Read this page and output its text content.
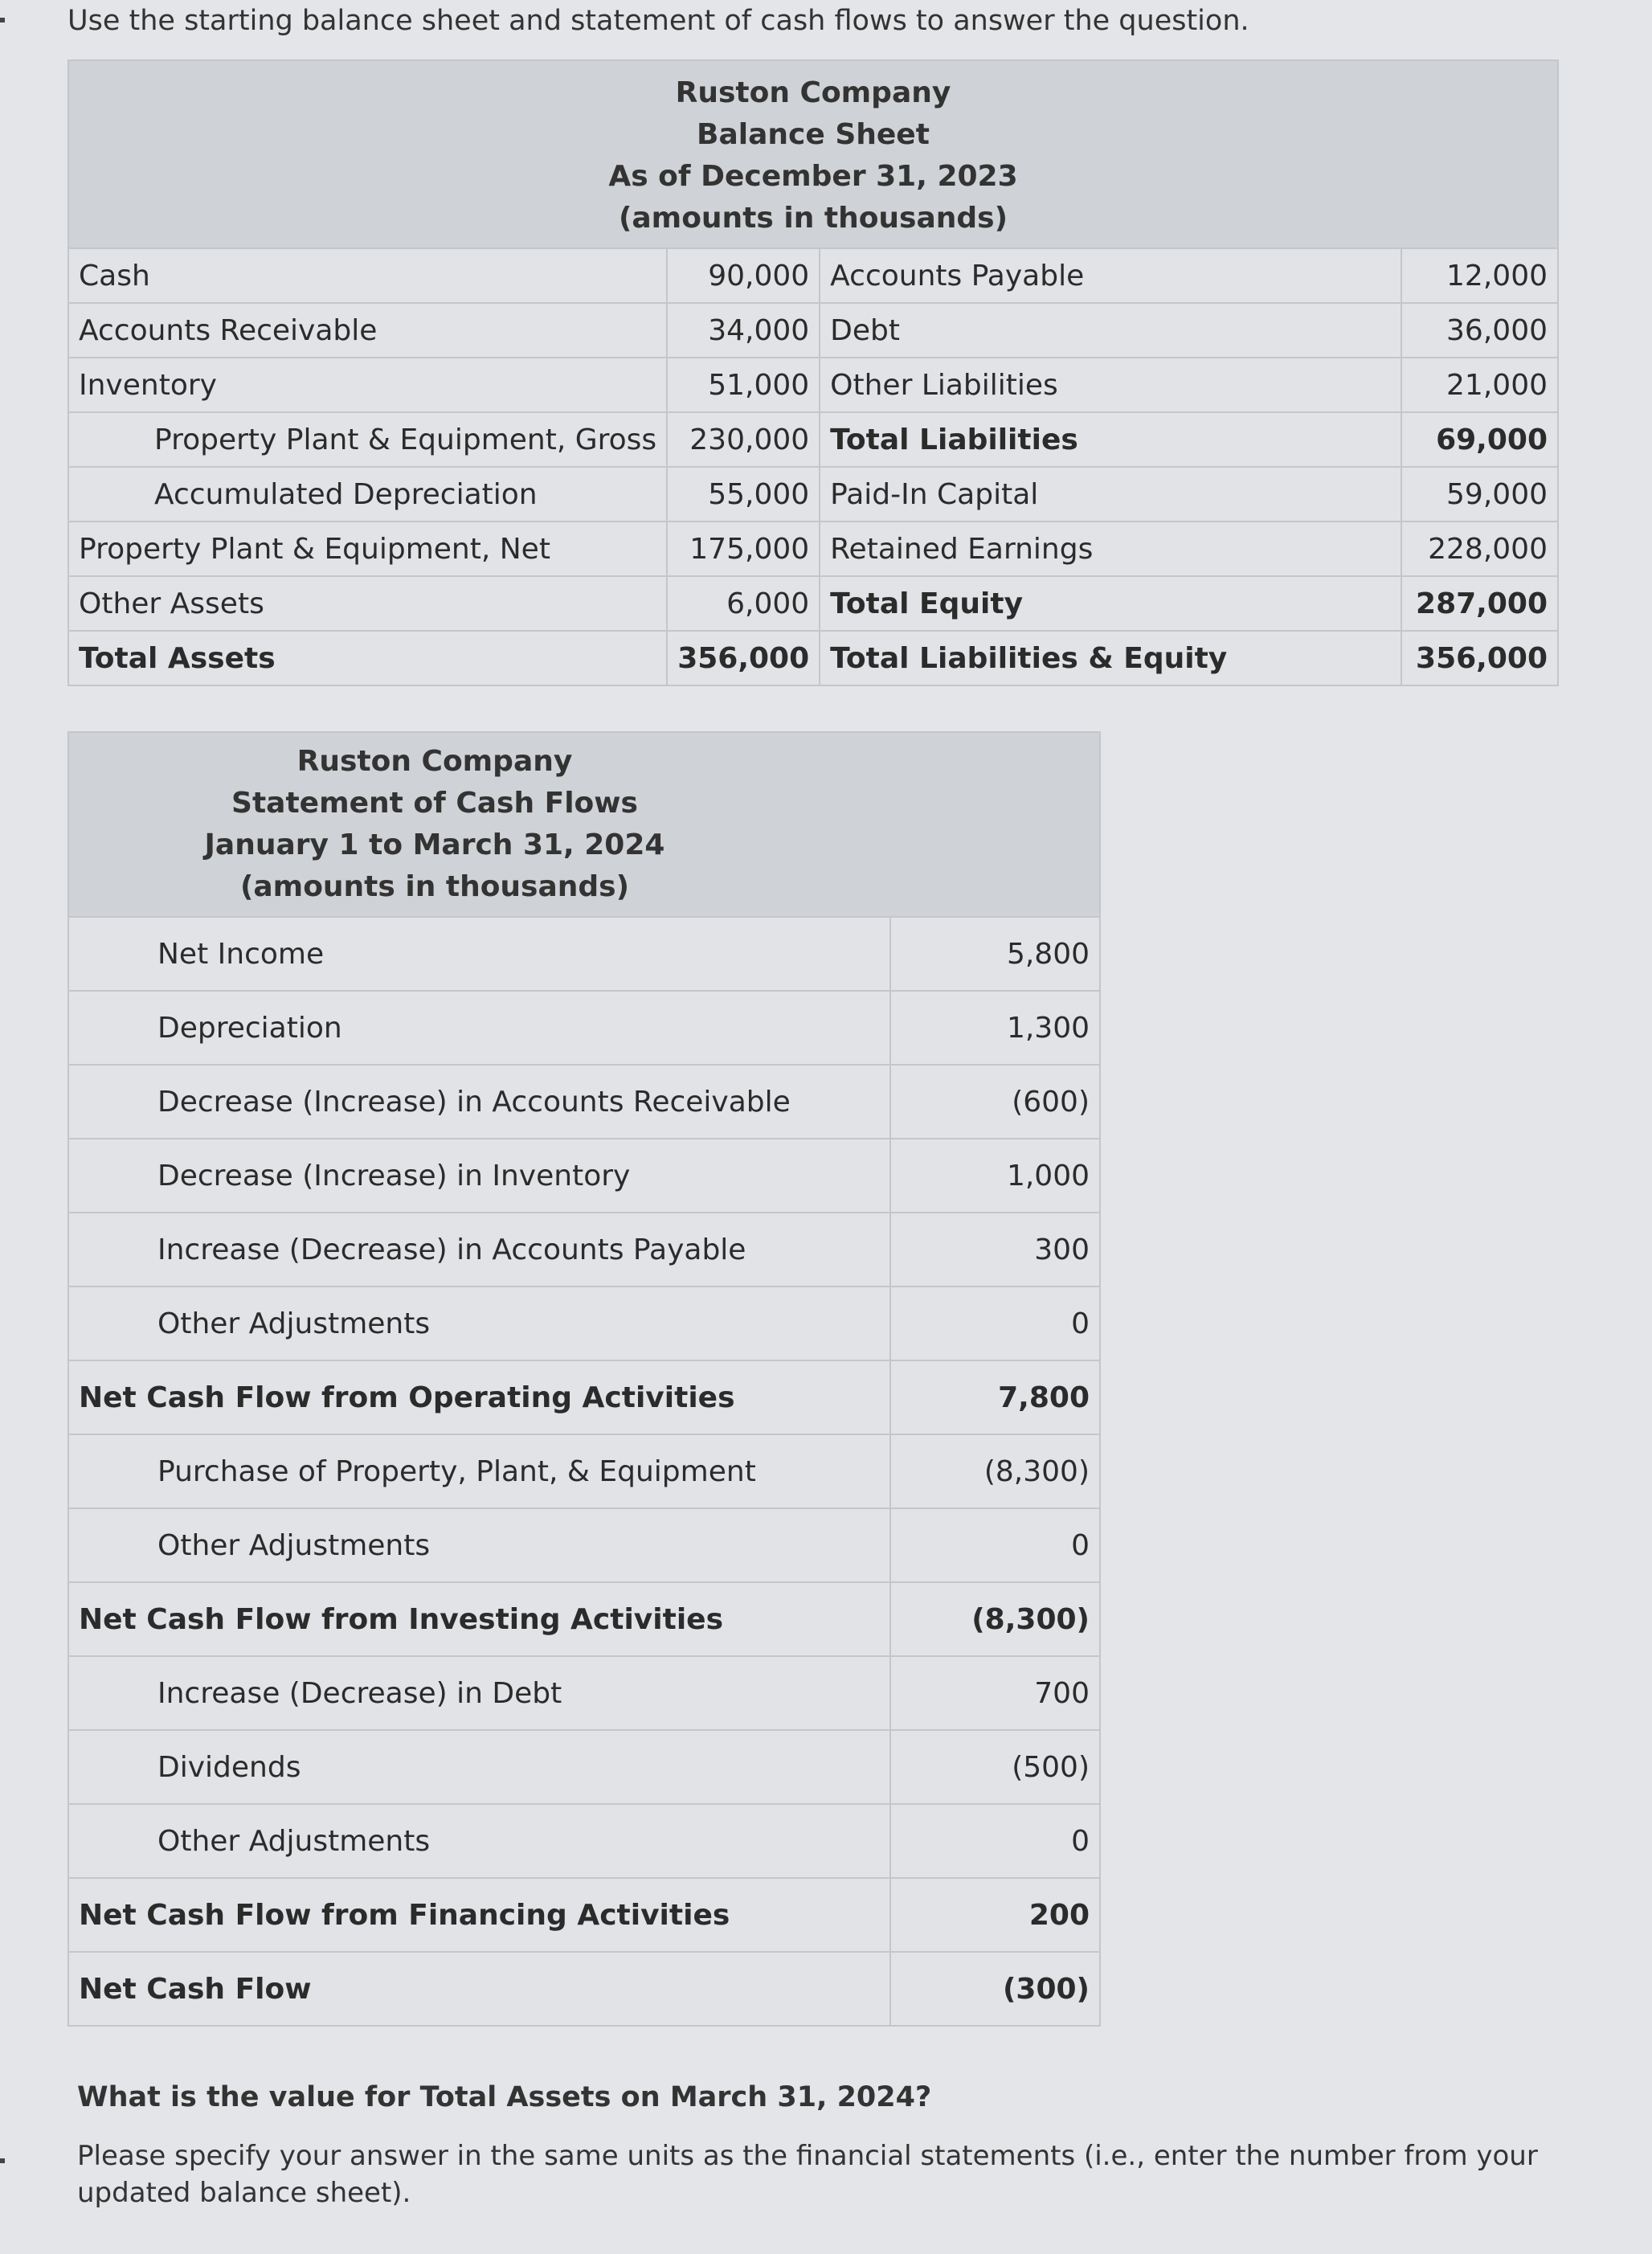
Use the starting balance sheet and statement of cash flows to answer the question.
Ruston Company
Balance Sheet
As of December 31, 2023
(amounts in thousands)			

Cash	90,000	Accounts Payable	12,000
Accounts Receivable	34,000	Debt	36,000
Inventory	51,000	Other Liabilities	21,000
Property Plant & Equipment, Gross	230,000	Total Liabilities	69,000
Accumulated Depreciation	55,000	Paid-In Capital	59,000
Property Plant & Equipment, Net	175,000	Retained Earnings	228,000
Other Assets	6,000	Total Equity	287,000
Total Assets	356,000	Total Liabilities & Equity	356,000
Ruston Company
Statement of Cash Flows
January 1 to March 31, 2024
(amounts in thousands)	

Net Income	5,800
Depreciation	1,300
Decrease (Increase) in Accounts Receivable	(600)
Decrease (Increase) in Inventory	1,000
Increase (Decrease) in Accounts Payable	300
Other Adjustments	0
Net Cash Flow from Operating Activities	7,800
Purchase of Property, Plant, & Equipment	(8,300)
Other Adjustments	0
Net Cash Flow from Investing Activities	(8,300)
Increase (Decrease) in Debt	700
Dividends	(500)
Other Adjustments	0
Net Cash Flow from Financing Activities	200
Net Cash Flow	(300)
What is the value for Total Assets on March 31, 2024?
Please specify your answer in the same units as the financial statements (i.e., enter the number from your updated balance sheet).
